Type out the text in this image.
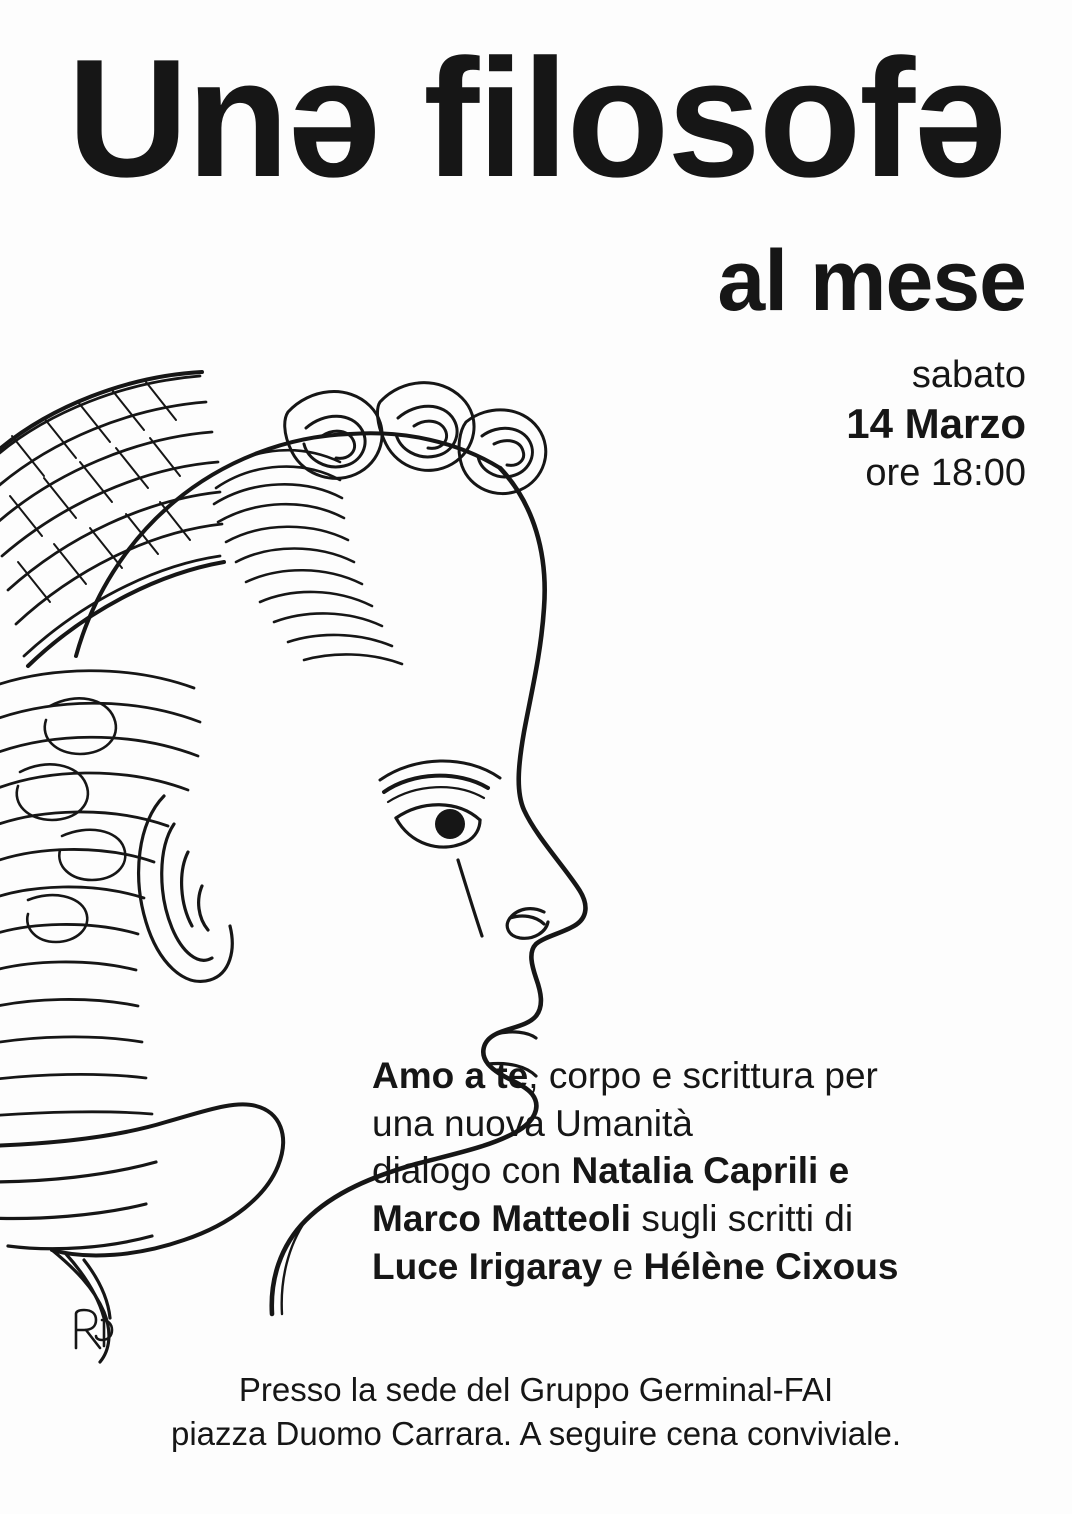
Unə filosofə
al mese
sabato
14 Marzo
ore 18:00
Amo a te, corpo e scrittura per
una nuova Umanità
dialogo con Natalia Caprili e
Marco Matteoli sugli scritti di
Luce Irigaray e Hélène Cixous
Presso la sede del Gruppo Germinal-FAI
piazza Duomo Carrara. A seguire cena conviviale.
